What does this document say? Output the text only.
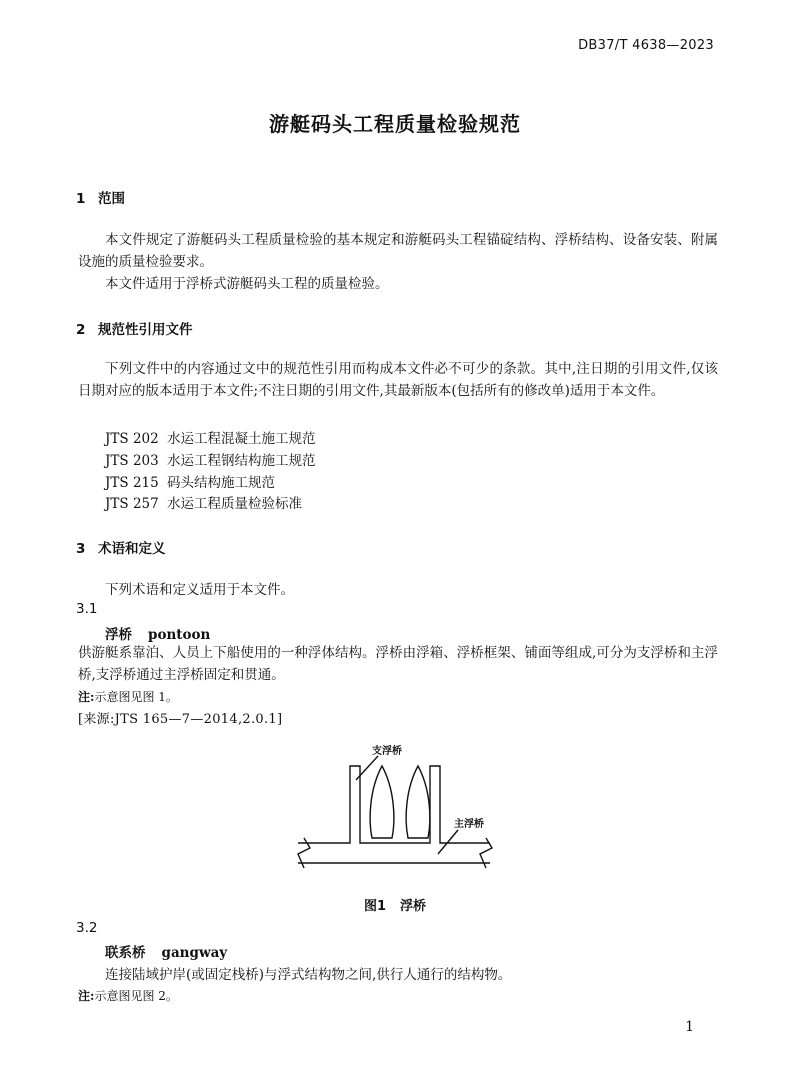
DB37/T 4638—2023
游艇码头工程质量检验规范
1 范围
本文件规定了游艇码头工程质量检验的基本规定和游艇码头工程锚碇结构、浮桥结构、设备安装、附属设施的质量检验要求。
本文件适用于浮桥式游艇码头工程的质量检验。
2 规范性引用文件
下列文件中的内容通过文中的规范性引用而构成本文件必不可少的条款。其中,注日期的引用文件,仅该日期对应的版本适用于本文件;不注日期的引用文件,其最新版本(包括所有的修改单)适用于本文件。
JTS 202 水运工程混凝土施工规范
JTS 203 水运工程钢结构施工规范
JTS 215 码头结构施工规范
JTS 257 水运工程质量检验标准
3 术语和定义
下列术语和定义适用于本文件。
3.1
浮桥 pontoon
供游艇系靠泊、人员上下船使用的一种浮体结构。浮桥由浮箱、浮桥框架、铺面等组成,可分为支浮桥和主浮桥,支浮桥通过主浮桥固定和贯通。
注:示意图见图 1。
[来源:JTS 165—7—2014,2.0.1]
支浮桥
主浮桥
图1 浮桥
3.2
联系桥 gangway
连接陆域护岸(或固定栈桥)与浮式结构物之间,供行人通行的结构物。
注:示意图见图 2。
1
